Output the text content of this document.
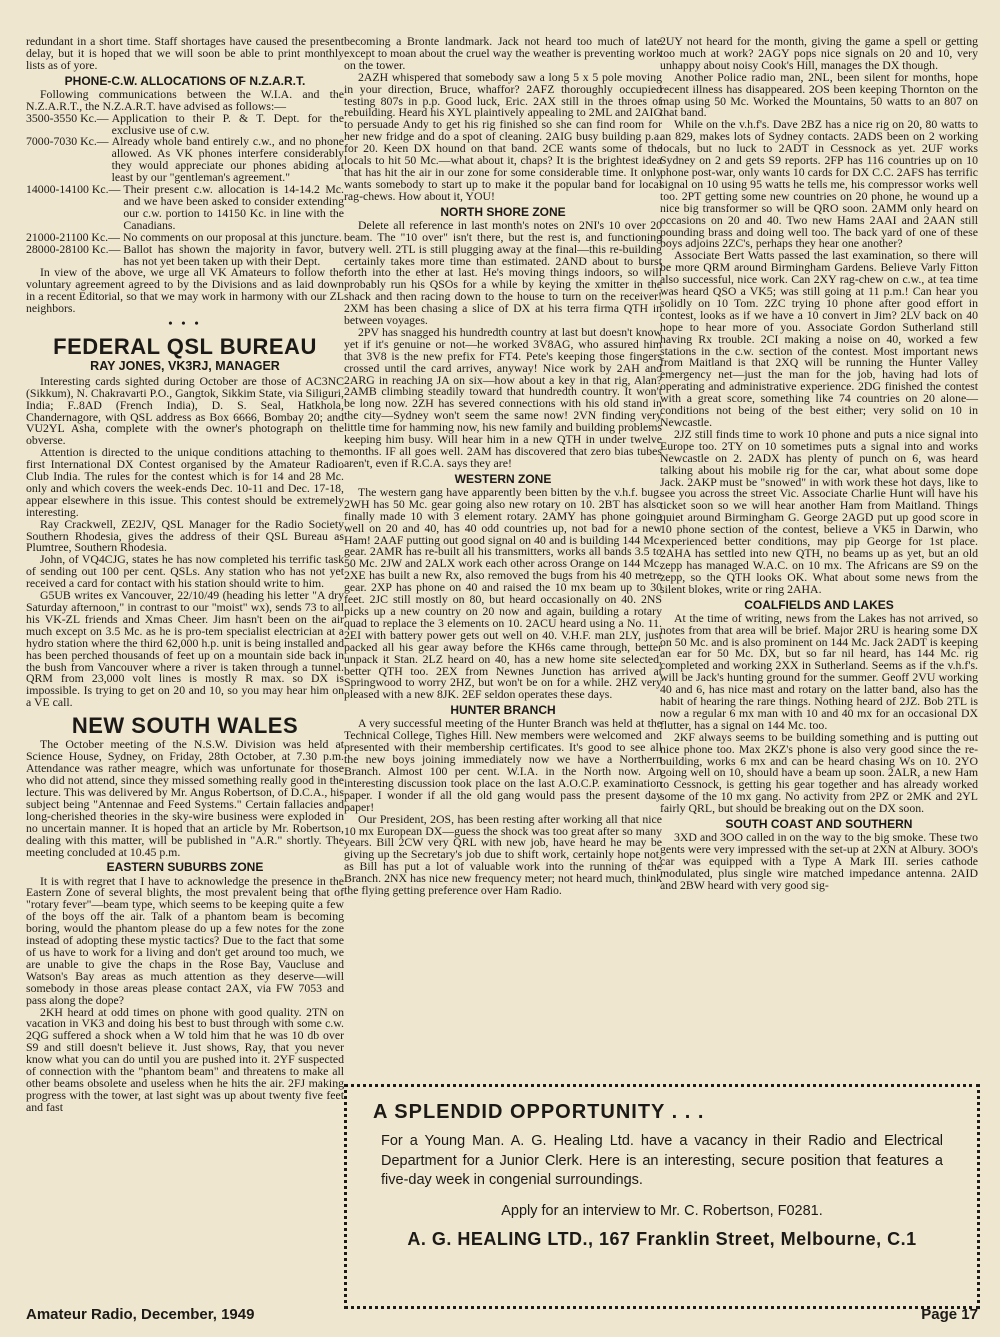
redundant in a short time. Staff shortages have caused the present delay, but it is hoped that we will soon be able to print monthly lists as of yore.

PHONE-C.W. ALLOCATIONS OF N.Z.A.R.T.

Following communications between the W.I.A. and the N.Z.A.R.T., the N.Z.A.R.T. have advised as follows:—

3500-3550 Kc.— Application to their P. & T. Dept. for the exclusive use of c.w.
7000-7030 Kc.— Already whole band entirely c.w., and no phone allowed. As VK phones interfere considerably they would appreciate our phones abiding at least by our "gentleman's agreement."
14000-14100 Kc.— Their present c.w. allocation is 14-14.2 Mc. and we have been asked to consider extending our c.w. portion to 14150 Kc. in line with the Canadians.
21000-21100 Kc.— No comments on our proposal at this juncture.
28000-28100 Kc.— Ballot has shown the majority in favor, but has not yet been taken up with their Dept.

In view of the above, we urge all VK Amateurs to follow the voluntary agreement agreed to by the Divisions and as laid down in a recent Editorial, so that we may work in harmony with our ZL neighbors.

• • •
FEDERAL QSL BUREAU
RAY JONES, VK3RJ, MANAGER

Interesting cards sighted during October are those of AC3NC (Sikkum), N. Chakravarti P.O., Gangtok, Sikkim State, via Siliguri, India; F..8AD (French India), D. S. Seal, Hatkhola, Chandernagore, with QSL address as Box 6666, Bombay 20; and VU2YL Asha, complete with the owner's photograph on the obverse.

Attention is directed to the unique conditions attaching to the first International DX Contest organised by the Amateur Radio Club India. The rules for the contest which is for 14 and 28 Mc. only and which covers the week-ends Dec. 10-11 and Dec. 17-18, appear elsewhere in this issue. This contest should be extremely interesting.

Ray Crackwell, ZE2JV, QSL Manager for the Radio Society Southern Rhodesia, gives the address of their QSL Bureau as Plumtree, Southern Rhodesia.

John, of VQ4CJG, states he has now completed his terrific task of sending out 100 per cent. QSLs. Any station who has not yet received a card for contact with his station should write to him.

G5UB writes ex Vancouver, 22/10/49 (heading his letter "A dry Saturday afternoon," in contrast to our "moist" wx), sends 73 to all his VK-ZL friends and Xmas Cheer. Jim hasn't been on the air much except on 3.5 Mc. as he is pro-tem specialist electrician at a hydro station where the third 62,000 h.p. unit is being installed and has been perched thousands of feet up on a mountain side back in the bush from Vancouver where a river is taken through a tunnel. QRM from 23,000 volt lines is mostly R max. so DX is impossible. Is trying to get on 20 and 10, so you may hear him on a VE call.

NEW SOUTH WALES

The October meeting of the N.S.W. Division was held at Science House, Sydney, on Friday, 28th October, at 7.30 p.m. Attendance was rather meagre, which was unfortunate for those who did not attend, since they missed something really good in the lecture. This was delivered by Mr. Angus Robertson, of D.C.A., his subject being "Antennae and Feed Systems." Certain fallacies and long-cherished theories in the sky-wire business were exploded in no uncertain manner. It is hoped that an article by Mr. Robertson, dealing with this matter, will be published in "A.R." shortly. The meeting concluded at 10.45 p.m.

EASTERN SUBURBS ZONE

It is with regret that I have to acknowledge the presence in the Eastern Zone of several blights, the most prevalent being that of "rotary fever"—beam type, which seems to be keeping quite a few of the boys off the air. Talk of a phantom beam is becoming boring, would the phantom please do up a few notes for the zone instead of adopting these mystic tactics? Due to the fact that some of us have to work for a living and don't get around too much, we are unable to give the chaps in the Rose Bay, Vaucluse and Watson's Bay areas as much attention as they deserve—will somebody in those areas please contact 2AX, via FW 7053 and pass along the dope?

2KH heard at odd times on phone with good quality. 2TN on vacation in VK3 and doing his best to bust through with some c.w. 2QG suffered a shock when a W told him that he was 10 db over S9 and still doesn't believe it. Just shows, Ray, that you never know what you can do until you are pushed into it. 2YF suspected of connection with the "phantom beam" and threatens to make all other beams obsolete and useless when he hits the air. 2FJ making progress with the tower, at last sight was up about twenty five feet and fast

becoming a Bronte landmark. Jack not heard too much of late except to moan about the cruel way the weather is preventing work on the tower.

2AZH whispered that somebody saw a long 5 x 5 pole moving in your direction, Bruce, whaffor? 2AFZ thoroughly occupied testing 807s in p.p. Good luck, Eric. 2AX still in the throes of rebuilding. Heard his XYL plaintively appealing to 2ML and 2AIG to persuade Andy to get his rig finished so she can find room for her new fridge and do a spot of cleaning. 2AIG busy building p.a. for 20. Keen DX hound on that band. 2CE wants some of the locals to hit 50 Mc.—what about it, chaps? It is the brightest idea that has hit the air in our zone for some considerable time. It only wants somebody to start up to make it the popular band for local rag-chews. How about it, YOU!

NORTH SHORE ZONE

Delete all reference in last month's notes on 2NI's 10 over 20 beam. The "10 over" isn't there, but the rest is, and functioning very well. 2TL is still plugging away at the final—this re-building certainly takes more time than estimated. 2AND about to burst forth into the ether at last. He's moving things indoors, so will probably run his QSOs for a while by keying the xmitter in the shack and then racing down to the house to turn on the receiver! 2XM has been chasing a slice of DX at his terra firma QTH in between voyages.

2PV has snagged his hundredth country at last but doesn't know yet if it's genuine or not—he worked 3V8AG, who assured him that 3V8 is the new prefix for FT4. Pete's keeping those fingers crossed until the card arrives, anyway! Nice work by 2AH and 2ARG in reaching JA on six—how about a key in that rig, Alan? 2AMB climbing steadily toward that hundredth country. It won't be long now. 2ZH has severed connections with his old stand in the city—Sydney won't seem the same now! 2VN finding very little time for hamming now, his new family and building problems keeping him busy. Will hear him in a new QTH in under twelve months. IF all goes well. 2AM has discovered that zero bias tubes aren't, even if R.C.A. says they are!

WESTERN ZONE

The western gang have apparently been bitten by the v.h.f. bug. 2WH has 50 Mc. gear going also new rotary on 10. 2BT has also finally made 10 with 3 element rotary. 2AMY has phone going well on 20 and 40, has 40 odd countries up, not bad for a new Ham! 2AAF putting out good signal on 40 and is building 144 Mc. gear. 2AMR has re-built all his transmitters, works all bands 3.5 to 50 Mc. 2JW and 2ALX work each other across Orange on 144 Mc. 2XE has built a new Rx, also removed the bugs from his 40 metre gear. 2XP has phone on 40 and raised the 10 mx beam up to 30 feet. 2JC still mostly on 80, but heard occasionally on 40. 2NS picks up a new country on 20 now and again, building a rotary quad to replace the 3 elements on 10. 2ACU heard using a No. 11. 2EI with battery power gets out well on 40. V.H.F. man 2LY, just packed all his gear away before the KH6s came through, better unpack it Stan. 2LZ heard on 40, has a new home site selected, better QTH too. 2EX from Newnes Junction has arrived at Springwood to worry 2HZ, but won't be on for a while. 2HZ very pleased with a new 8JK. 2EF seldon operates these days.

HUNTER BRANCH

A very successful meeting of the Hunter Branch was held at the Technical College, Tighes Hill. New members were welcomed and presented with their membership certificates. It's good to see all the new boys joining immediately now we have a Northern Branch. Almost 100 per cent. W.I.A. in the North now. An interesting discussion took place on the last A.O.C.P. examination paper. I wonder if all the old gang would pass the present day paper!

Our President, 2OS, has been resting after working all that nice 10 mx European DX—guess the shock was too great after so many years. Bill 2CW very QRL with new job, have heard he may be giving up the Secretary's job due to shift work, certainly hope not, as Bill has put a lot of valuable work into the running of the Branch. 2NX has nice new frequency meter; not heard much, think the flying getting preference over Ham Radio.

2UY not heard for the month, giving the game a spell or getting too much at work? 2AGY pops nice signals on 20 and 10, very unhappy about noisy Cook's Hill, manages the DX though.

Another Police radio man, 2NL, been silent for months, hope recent illness has disappeared. 2OS been keeping Thornton on the map using 50 Mc. Worked the Mountains, 50 watts to an 807 on that band.

While on the v.h.f's. Dave 2BZ has a nice rig on 20, 80 watts to an 829, makes lots of Sydney contacts. 2ADS been on 2 working locals, but no luck to 2ADT in Cessnock as yet. 2UF works Sydney on 2 and gets S9 reports. 2FP has 116 countries up on 10 phone post-war, only wants 10 cards for DX C.C. 2AFS has terrific signal on 10 using 95 watts he tells me, his compressor works well too. 2PT getting some new countries on 20 phone, he wound up a nice big transformer so will be QRO soon. 2AMM only heard on occasions on 20 and 40. Two new Hams 2AAI and 2AAN still pounding brass and doing well too. The back yard of one of these boys adjoins 2ZC's, perhaps they hear one another?

Associate Bert Watts passed the last examination, so there will be more QRM around Birmingham Gardens. Believe Varly Fitton also successful, nice work. Can 2XY rag-chew on c.w., at tea time was heard QSO a VK5; was still going at 11 p.m.! Can hear you solidly on 10 Tom. 2ZC trying 10 phone after good effort in contest, looks as if we have a 10 convert in Jim? 2LV back on 40 hope to hear more of you. Associate Gordon Sutherland still having Rx trouble. 2CI making a noise on 40, worked a few stations in the c.w. section of the contest. Most important news from Maitland is that 2XQ will be running the Hunter Valley emergency net—just the man for the job, having had lots of operating and administrative experience. 2DG finished the contest with a great score, something like 74 countries on 20 alone—conditions not being of the best either; very solid on 10 in Newcastle.

2JZ still finds time to work 10 phone and puts a nice signal into Europe too. 2TY on 10 sometimes puts a signal into and works Newcastle on 2. 2ADX has plenty of punch on 6, was heard talking about his mobile rig for the car, what about some dope Jack. 2AKP must be "snowed" in with work these hot days, like to see you across the street Vic. Associate Charlie Hunt will have his ticket soon so we will hear another Ham from Maitland. Things quiet around Birmingham G. George 2AGD put up good score in 10 phone section of the contest, believe a VK5 in Darwin, who experienced better conditions, may pip George for 1st place. 2AHA has settled into new QTH, no beams up as yet, but an old zepp has managed W.A.C. on 10 mx. The Africans are S9 on the zepp, so the QTH looks OK. What about some news from the silent blokes, write or ring 2AHA.

COALFIELDS AND LAKES

At the time of writing, news from the Lakes has not arrived, so notes from that area will be brief. Major 2RU is hearing some DX on 50 Mc. and is also prominent on 144 Mc. Jack 2ADT is keeping an ear for 50 Mc. DX, but so far nil heard, has 144 Mc. rig completed and working 2XX in Sutherland. Seems as if the v.h.f's. will be Jack's hunting ground for the summer. Geoff 2VU working 40 and 6, has nice mast and rotary on the latter band, also has the habit of hearing the rare things. Nothing heard of 2JZ. Bob 2TL is now a regular 6 mx man with 10 and 40 mx for an occasional DX flutter, has a signal on 144 Mc. too.

2KF always seems to be building something and is putting out nice phone too. Max 2KZ's phone is also very good since the re-building, works 6 mx and can be heard chasing Ws on 10. 2YO going well on 10, should have a beam up soon. 2ALR, a new Ham to Cessnock, is getting his gear together and has already worked some of the 10 mx gang. No activity from 2PZ or 2MK and 2YL fairly QRL, but should be breaking out on the DX soon.

SOUTH COAST AND SOUTHERN

3XD and 3OO called in on the way to the big smoke. These two gents were very impressed with the set-up at 2XN at Albury. 3OO's car was equipped with a Type A Mark III. series cathode modulated, plus single wire matched impedance antenna. 2AID and 2BW heard with very good sig-

A SPLENDID OPPORTUNITY . . .
For a Young Man. A. G. Healing Ltd. have a vacancy in their Radio and Electrical Department for a Junior Clerk. Here is an interesting, secure position that features a five-day week in congenial surroundings.
Apply for an interview to Mr. C. Robertson, F0281.
A. G. HEALING LTD., 167 Franklin Street, Melbourne, C.1
Amateur Radio, December, 1949	Page 17
